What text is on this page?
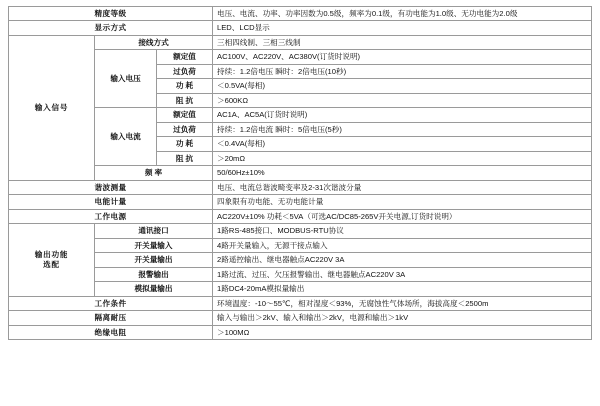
精度等级			电压、电流、功率、功率因数为0.5级，频率为0.1级，有功电能为1.0级、无功电能为2.0级
显示方式			LED、LCD显示
输入信号	接线方式		三相四线制、三相三线制
	输入电压	额定值	AC100V、AC220V、AC380V(订货时说明)
		过负荷	持续：1.2倍电压 瞬时：2倍电压(10秒)
		功 耗	＜0.5VA(每相)
		阻 抗	＞600KΩ
	输入电流	额定值	AC1A、AC5A(订货时说明)
		过负荷	持续：1.2倍电流 瞬时：5倍电压(5秒)
		功 耗	＜0.4VA(每相)
		阻 抗	＞20mΩ
	频 率		50/60Hz±10%
谐波测量			电压、电流总谐波畸变率及2-31次谐波分量
电能计量			四象限有功电能、无功电能计量
工作电源			AC220V±10% 功耗＜5VA（可选AC/DC85-265V开关电源,订货时说明）

输出功能
选配	通讯接口		1路RS-485接口、MODBUS-RTU协议
	开关量输入		4路开关量输入，无源干接点输入
	开关量输出		2路遥控输出、继电器触点AC220V 3A
	报警输出		1路过流、过压、欠压报警输出、继电器触点AC220V 3A
	模拟量输出		1路DC4-20mA模拟量输出
工作条件			环境温度：-10～55℃，相对湿度＜93%，无腐蚀性气体场所，海拔高度＜2500m
隔离耐压			输入与输出＞2kV、输入和输出＞2kV，电源和输出＞1kV
绝缘电阻			＞100MΩ
